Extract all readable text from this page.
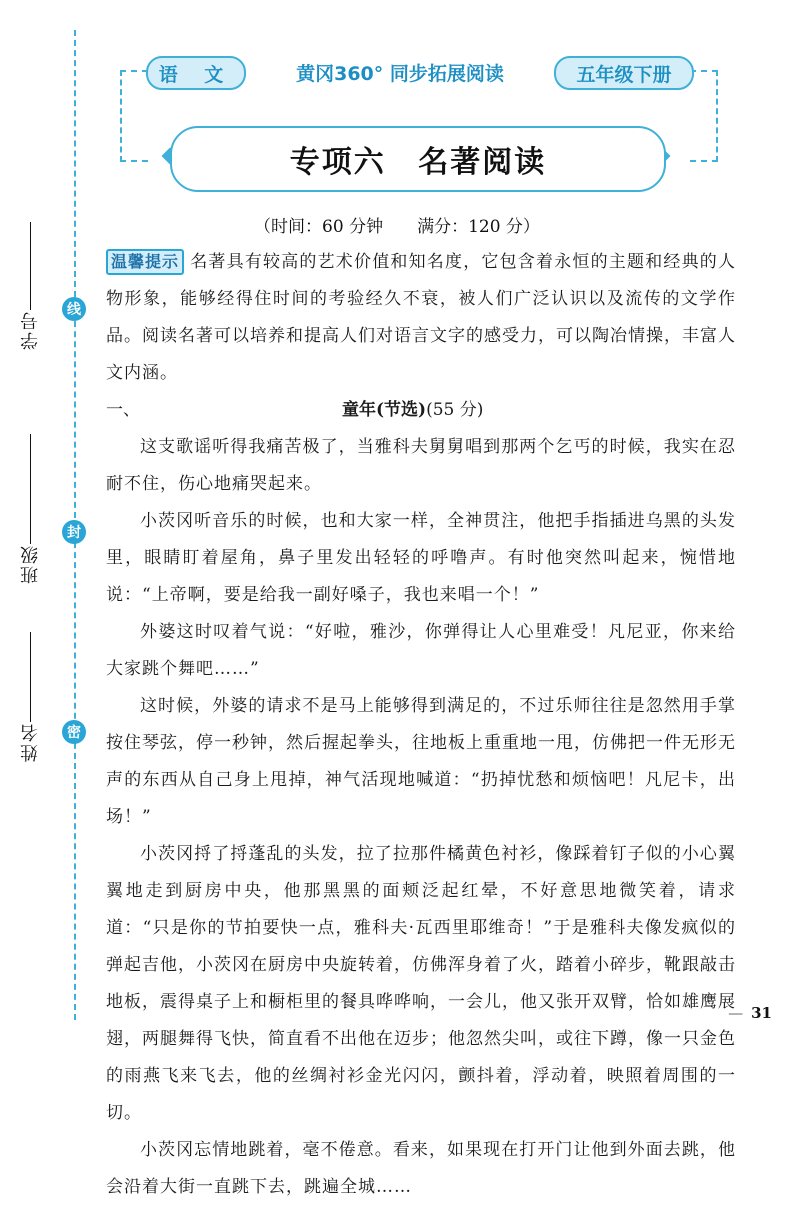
线
封
密
学号
班级
姓名
语 文	黄冈360° 同步拓展阅读	五年级下册
专项六 名著阅读
（时间：60 分钟　　满分：120 分）

温馨提示 名著具有较高的艺术价值和知名度，它包含着永恒的主题和经典的人物形象，能够经得住时间的考验经久不衰，被人们广泛认识以及流传的文学作品。阅读名著可以培养和提高人们对语言文字的感受力，可以陶冶情操，丰富人文内涵。

一、	童年(节选)(55 分)

这支歌谣听得我痛苦极了，当雅科夫舅舅唱到那两个乞丐的时候，我实在忍耐不住，伤心地痛哭起来。

小茨冈听音乐的时候，也和大家一样，全神贯注，他把手指插进乌黑的头发里，眼睛盯着屋角，鼻子里发出轻轻的呼噜声。有时他突然叫起来，惋惜地说：“上帝啊，要是给我一副好嗓子，我也来唱一个！”

外婆这时叹着气说：“好啦，雅沙，你弹得让人心里难受！凡尼亚，你来给大家跳个舞吧……”

这时候，外婆的请求不是马上能够得到满足的，不过乐师往往是忽然用手掌按住琴弦，停一秒钟，然后握起拳头，往地板上重重地一甩，仿佛把一件无形无声的东西从自己身上甩掉，神气活现地喊道：“扔掉忧愁和烦恼吧！凡尼卡，出场！”

小茨冈捋了捋蓬乱的头发，拉了拉那件橘黄色衬衫，像踩着钉子似的小心翼翼地走到厨房中央，他那黑黑的面颊泛起红晕，不好意思地微笑着，请求道：“只是你的节拍要快一点，雅科夫·瓦西里耶维奇！”于是雅科夫像发疯似的弹起吉他，小茨冈在厨房中央旋转着，仿佛浑身着了火，踏着小碎步，靴跟敲击地板，震得桌子上和橱柜里的餐具哗哗响，一会儿，他又张开双臂，恰如雄鹰展翅，两腿舞得飞快，简直看不出他在迈步；他忽然尖叫，或往下蹲，像一只金色的雨燕飞来飞去，他的丝绸衬衫金光闪闪，颤抖着，浮动着，映照着周围的一切。

小茨冈忘情地跳着，毫不倦意。看来，如果现在打开门让他到外面去跳，他会沿着大街一直跳下去，跳遍全城……

— 31
